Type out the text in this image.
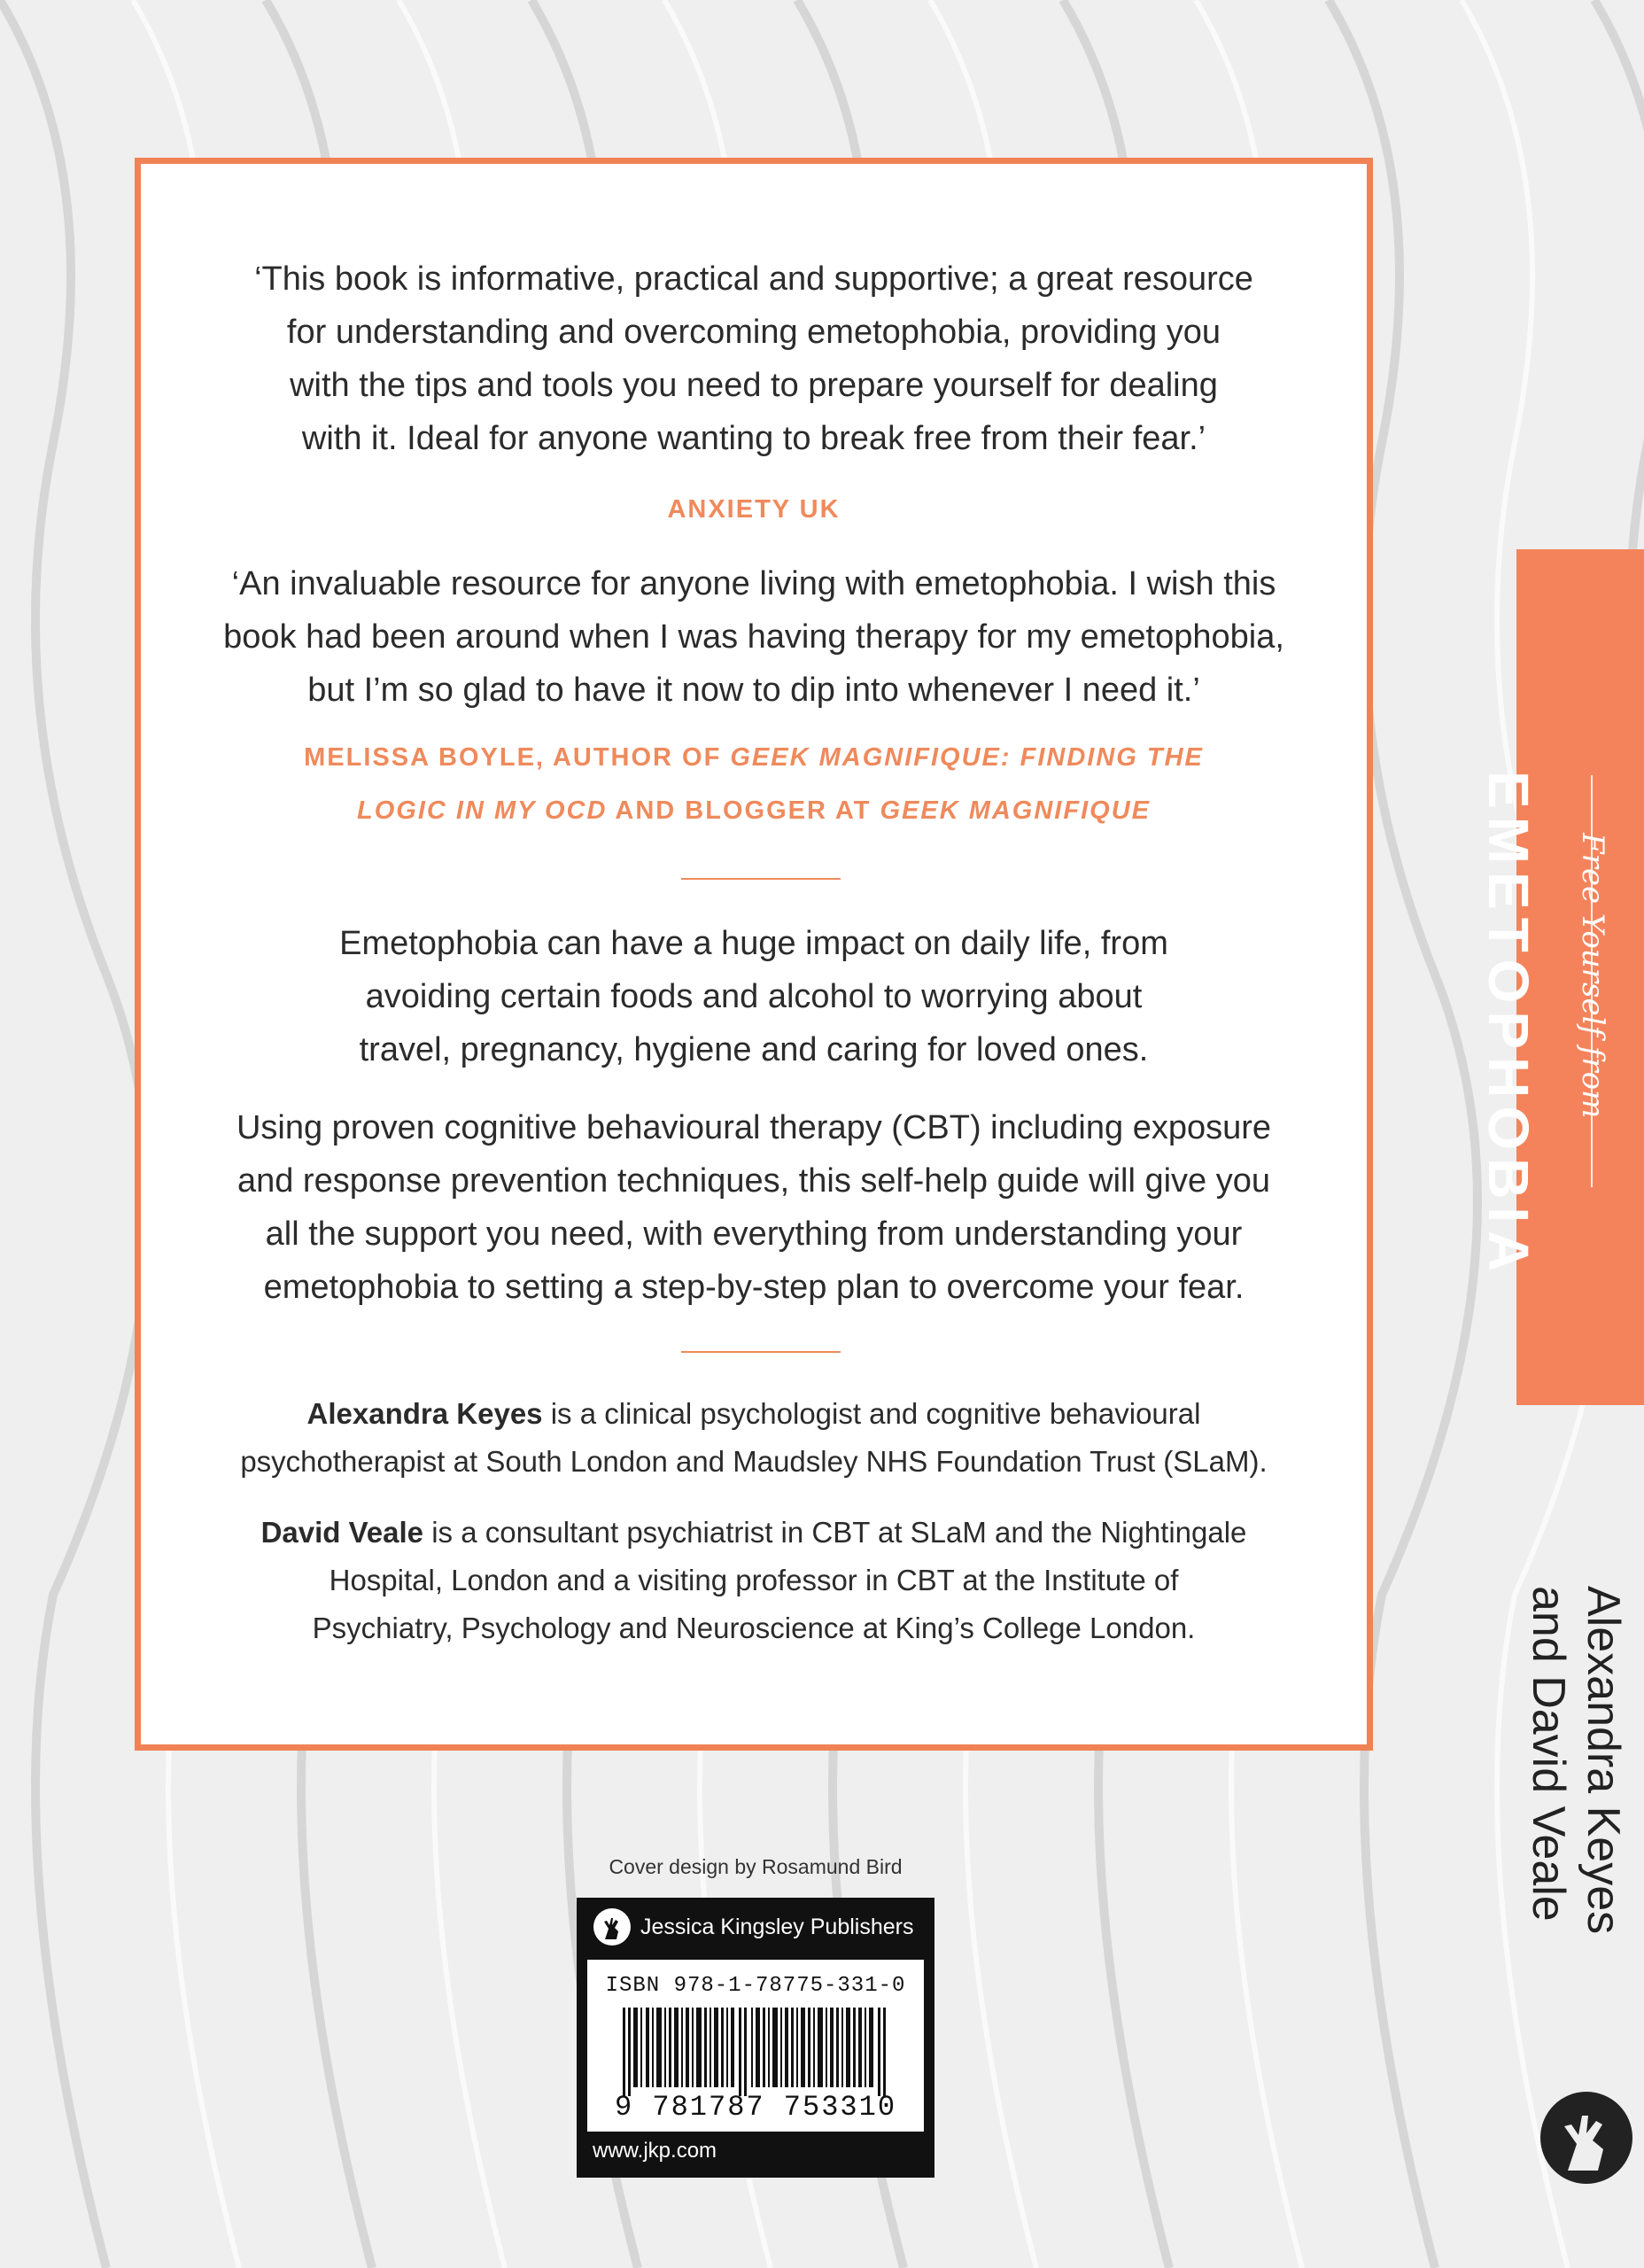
‘This book is informative, practical and supportive; a great resource
for understanding and overcoming emetophobia, providing you
with the tips and tools you need to prepare yourself for dealing
with it. Ideal for anyone wanting to break free from their fear.’
ANXIETY UK
‘An invaluable resource for anyone living with emetophobia. I wish this
book had been around when I was having therapy for my emetophobia,
but I’m so glad to have it now to dip into whenever I need it.’
MELISSA BOYLE, AUTHOR OF GEEK MAGNIFIQUE: FINDING THE
LOGIC IN MY OCD AND BLOGGER AT GEEK MAGNIFIQUE
Emetophobia can have a huge impact on daily life, from
avoiding certain foods and alcohol to worrying about
travel, pregnancy, hygiene and caring for loved ones.
Using proven cognitive behavioural therapy (CBT) including exposure
and response prevention techniques, this self-help guide will give you
all the support you need, with everything from understanding your
emetophobia to setting a step-by-step plan to overcome your fear.
Alexandra Keyes is a clinical psychologist and cognitive behavioural
psychotherapist at South London and Maudsley NHS Foundation Trust (SLaM).
David Veale is a consultant psychiatrist in CBT at SLaM and the Nightingale
Hospital, London and a visiting professor in CBT at the Institute of
Psychiatry, Psychology and Neuroscience at King’s College London.
EMETOPHOBIA Free Yourself from
Alexandra Keyes
and David Veale
Cover design by Rosamund Bird
Jessica Kingsley Publishers
ISBN 978-1-78775-331-0
9 781787 753310
www.jkp.com
